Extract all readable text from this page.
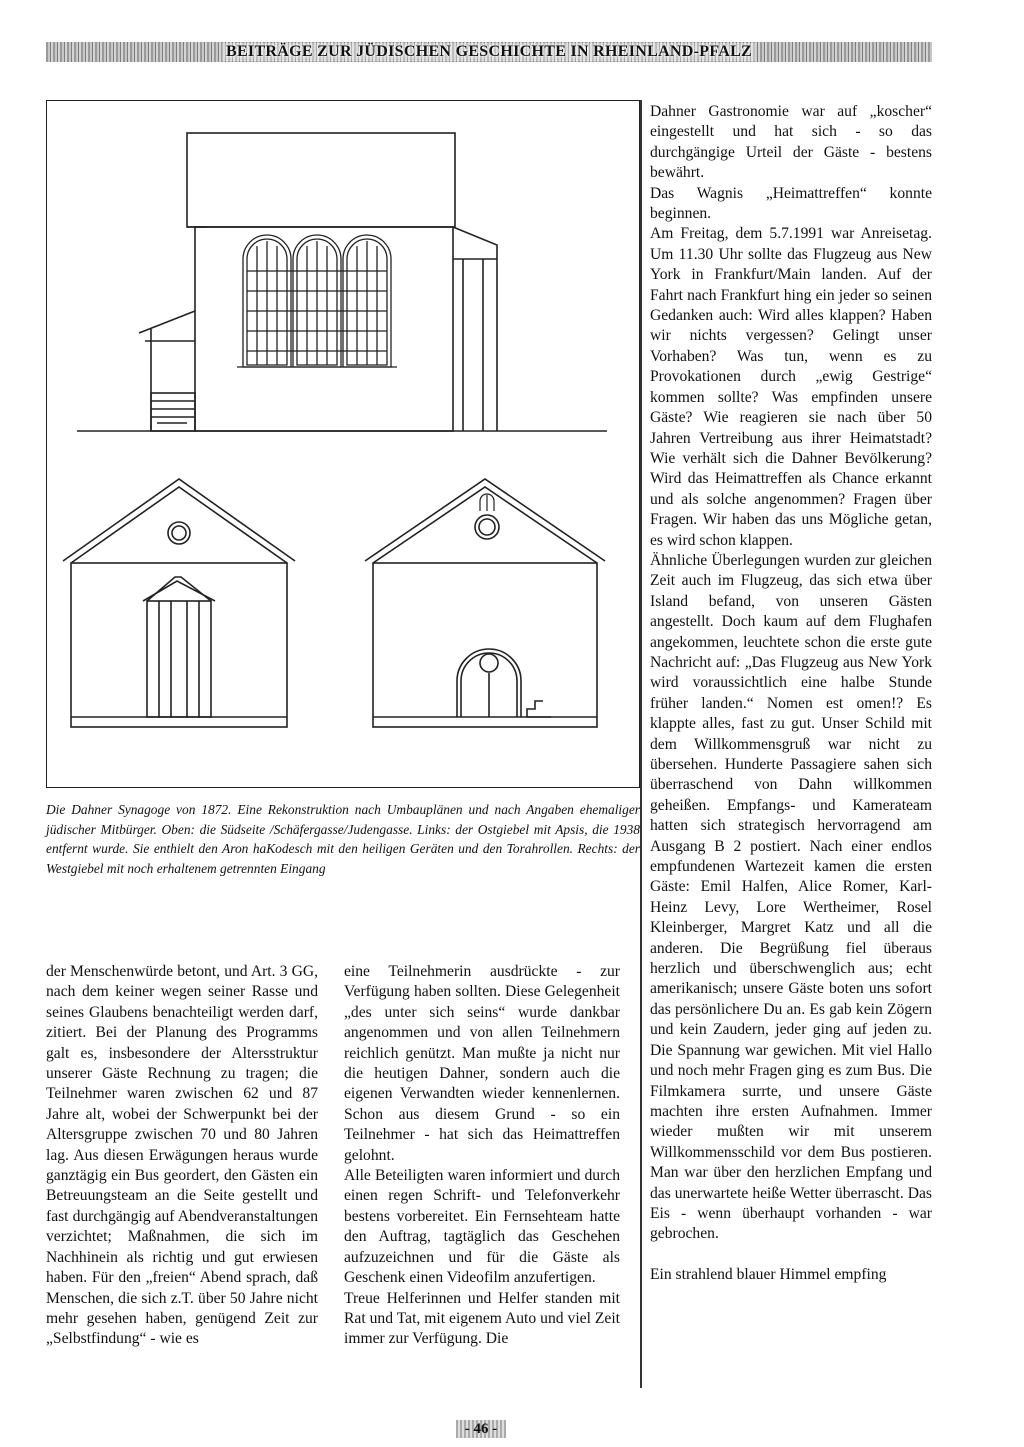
BEITRÄGE ZUR JÜDISCHEN GESCHICHTE IN RHEINLAND-PFALZ
Die Dahner Synagoge von 1872. Eine Rekonstruktion nach Umbauplänen und nach Angaben ehemaliger jüdischer Mitbürger. Oben: die Südseite /Schäfergasse/Judengasse. Links: der Ostgiebel mit Apsis, die 1938 entfernt wurde. Sie enthielt den Aron haKodesch mit den heiligen Geräten und den Torahrollen. Rechts: der Westgiebel mit noch erhaltenem getrennten Eingang

der Menschenwürde betont, und Art. 3 GG, nach dem keiner wegen seiner Rasse und seines Glaubens benachteiligt werden darf, zitiert. Bei der Planung des Programms galt es, insbesondere der Altersstruktur unserer Gäste Rechnung zu tragen; die Teilnehmer waren zwischen 62 und 87 Jahre alt, wobei der Schwerpunkt bei der Altersgruppe zwischen 70 und 80 Jahren lag. Aus diesen Erwägungen heraus wurde ganztägig ein Bus geordert, den Gästen ein Betreuungsteam an die Seite gestellt und fast durchgängig auf Abendveranstaltungen verzichtet; Maßnahmen, die sich im Nachhinein als richtig und gut erwiesen haben. Für den „freien“ Abend sprach, daß Menschen, die sich z.T. über 50 Jahre nicht mehr gesehen haben, genügend Zeit zur „Selbstfindung“ - wie es

eine Teilnehmerin ausdrückte - zur Verfügung haben sollten. Diese Gelegenheit „des unter sich seins“ wurde dankbar angenommen und von allen Teilnehmern reichlich genützt. Man mußte ja nicht nur die heutigen Dahner, sondern auch die eigenen Verwandten wieder kennenlernen. Schon aus diesem Grund - so ein Teilnehmer - hat sich das Heimattreffen gelohnt.

Alle Beteiligten waren informiert und durch einen regen Schrift- und Telefonverkehr bestens vorbereitet. Ein Fernsehteam hatte den Auftrag, tagtäglich das Geschehen aufzuzeichnen und für die Gäste als Geschenk einen Videofilm anzufertigen.

Treue Helferinnen und Helfer standen mit Rat und Tat, mit eigenem Auto und viel Zeit immer zur Verfügung. Die

Dahner Gastronomie war auf „koscher“ eingestellt und hat sich - so das durchgängige Urteil der Gäste - bestens bewährt.

Das Wagnis „Heimattreffen“ konnte beginnen.

Am Freitag, dem 5.7.1991 war Anreisetag. Um 11.30 Uhr sollte das Flugzeug aus New York in Frankfurt/Main landen. Auf der Fahrt nach Frankfurt hing ein jeder so seinen Gedanken auch: Wird alles klappen? Haben wir nichts vergessen? Gelingt unser Vorhaben? Was tun, wenn es zu Provokationen durch „ewig Gestrige“ kommen sollte? Was empfinden unsere Gäste? Wie reagieren sie nach über 50 Jahren Vertreibung aus ihrer Heimatstadt? Wie verhält sich die Dahner Bevölkerung? Wird das Heimattreffen als Chance erkannt und als solche angenommen? Fragen über Fragen. Wir haben das uns Mögliche getan, es wird schon klappen.

Ähnliche Überlegungen wurden zur gleichen Zeit auch im Flugzeug, das sich etwa über Island befand, von unseren Gästen angestellt. Doch kaum auf dem Flughafen angekommen, leuchtete schon die erste gute Nachricht auf: „Das Flugzeug aus New York wird voraussichtlich eine halbe Stunde früher landen.“ Nomen est omen!? Es klappte alles, fast zu gut. Unser Schild mit dem Willkommensgruß war nicht zu übersehen. Hunderte Passagiere sahen sich überraschend von Dahn willkommen geheißen. Empfangs- und Kamerateam hatten sich strategisch hervorragend am Ausgang B 2 postiert. Nach einer endlos empfundenen Wartezeit kamen die ersten Gäste: Emil Halfen, Alice Romer, Karl-Heinz Levy, Lore Wertheimer, Rosel Kleinberger, Margret Katz und all die anderen. Die Begrüßung fiel überaus herzlich und überschwenglich aus; echt amerikanisch; unsere Gäste boten uns sofort das persönlichere Du an. Es gab kein Zögern und kein Zaudern, jeder ging auf jeden zu. Die Spannung war gewichen. Mit viel Hallo und noch mehr Fragen ging es zum Bus. Die Filmkamera surrte, und unsere Gäste machten ihre ersten Aufnahmen. Immer wieder mußten wir mit unserem Willkommensschild vor dem Bus postieren. Man war über den herzlichen Empfang und das unerwartete heiße Wetter überrascht. Das Eis - wenn überhaupt vorhanden - war gebrochen.

Ein strahlend blauer Himmel empfing

- 46 -
